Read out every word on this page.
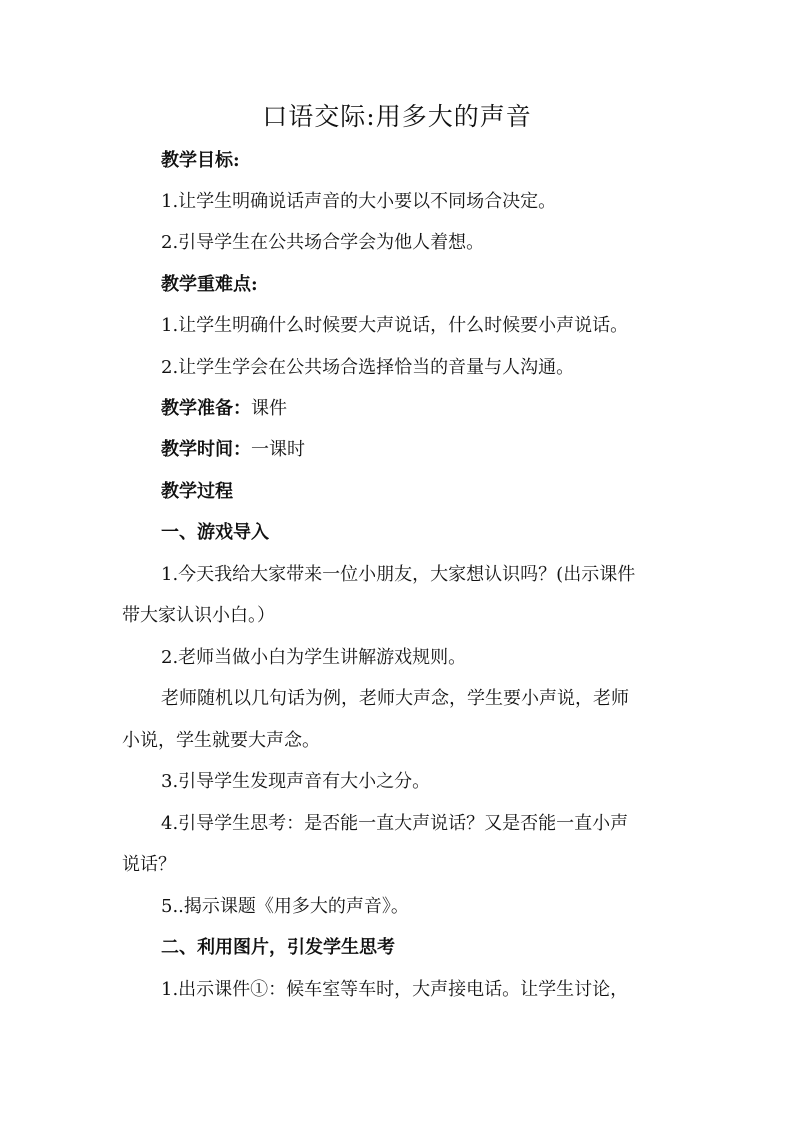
口语交际:用多大的声音
教学目标:
1.让学生明确说话声音的大小要以不同场合决定。
2.引导学生在公共场合学会为他人着想。
教学重难点:
1.让学生明确什么时候要大声说话，什么时候要小声说话。
2.让学生学会在公共场合选择恰当的音量与人沟通。
教学准备：课件
教学时间：一课时
教学过程
一、游戏导入
1.今天我给大家带来一位小朋友，大家想认识吗？(出示课件
带大家认识小白。）
2.老师当做小白为学生讲解游戏规则。
老师随机以几句话为例，老师大声念，学生要小声说，老师
小说，学生就要大声念。
3.引导学生发现声音有大小之分。
4.引导学生思考：是否能一直大声说话？又是否能一直小声
说话？
5..揭示课题《用多大的声音》。
二、利用图片，引发学生思考
1.出示课件①：候车室等车时，大声接电话。让学生讨论，
